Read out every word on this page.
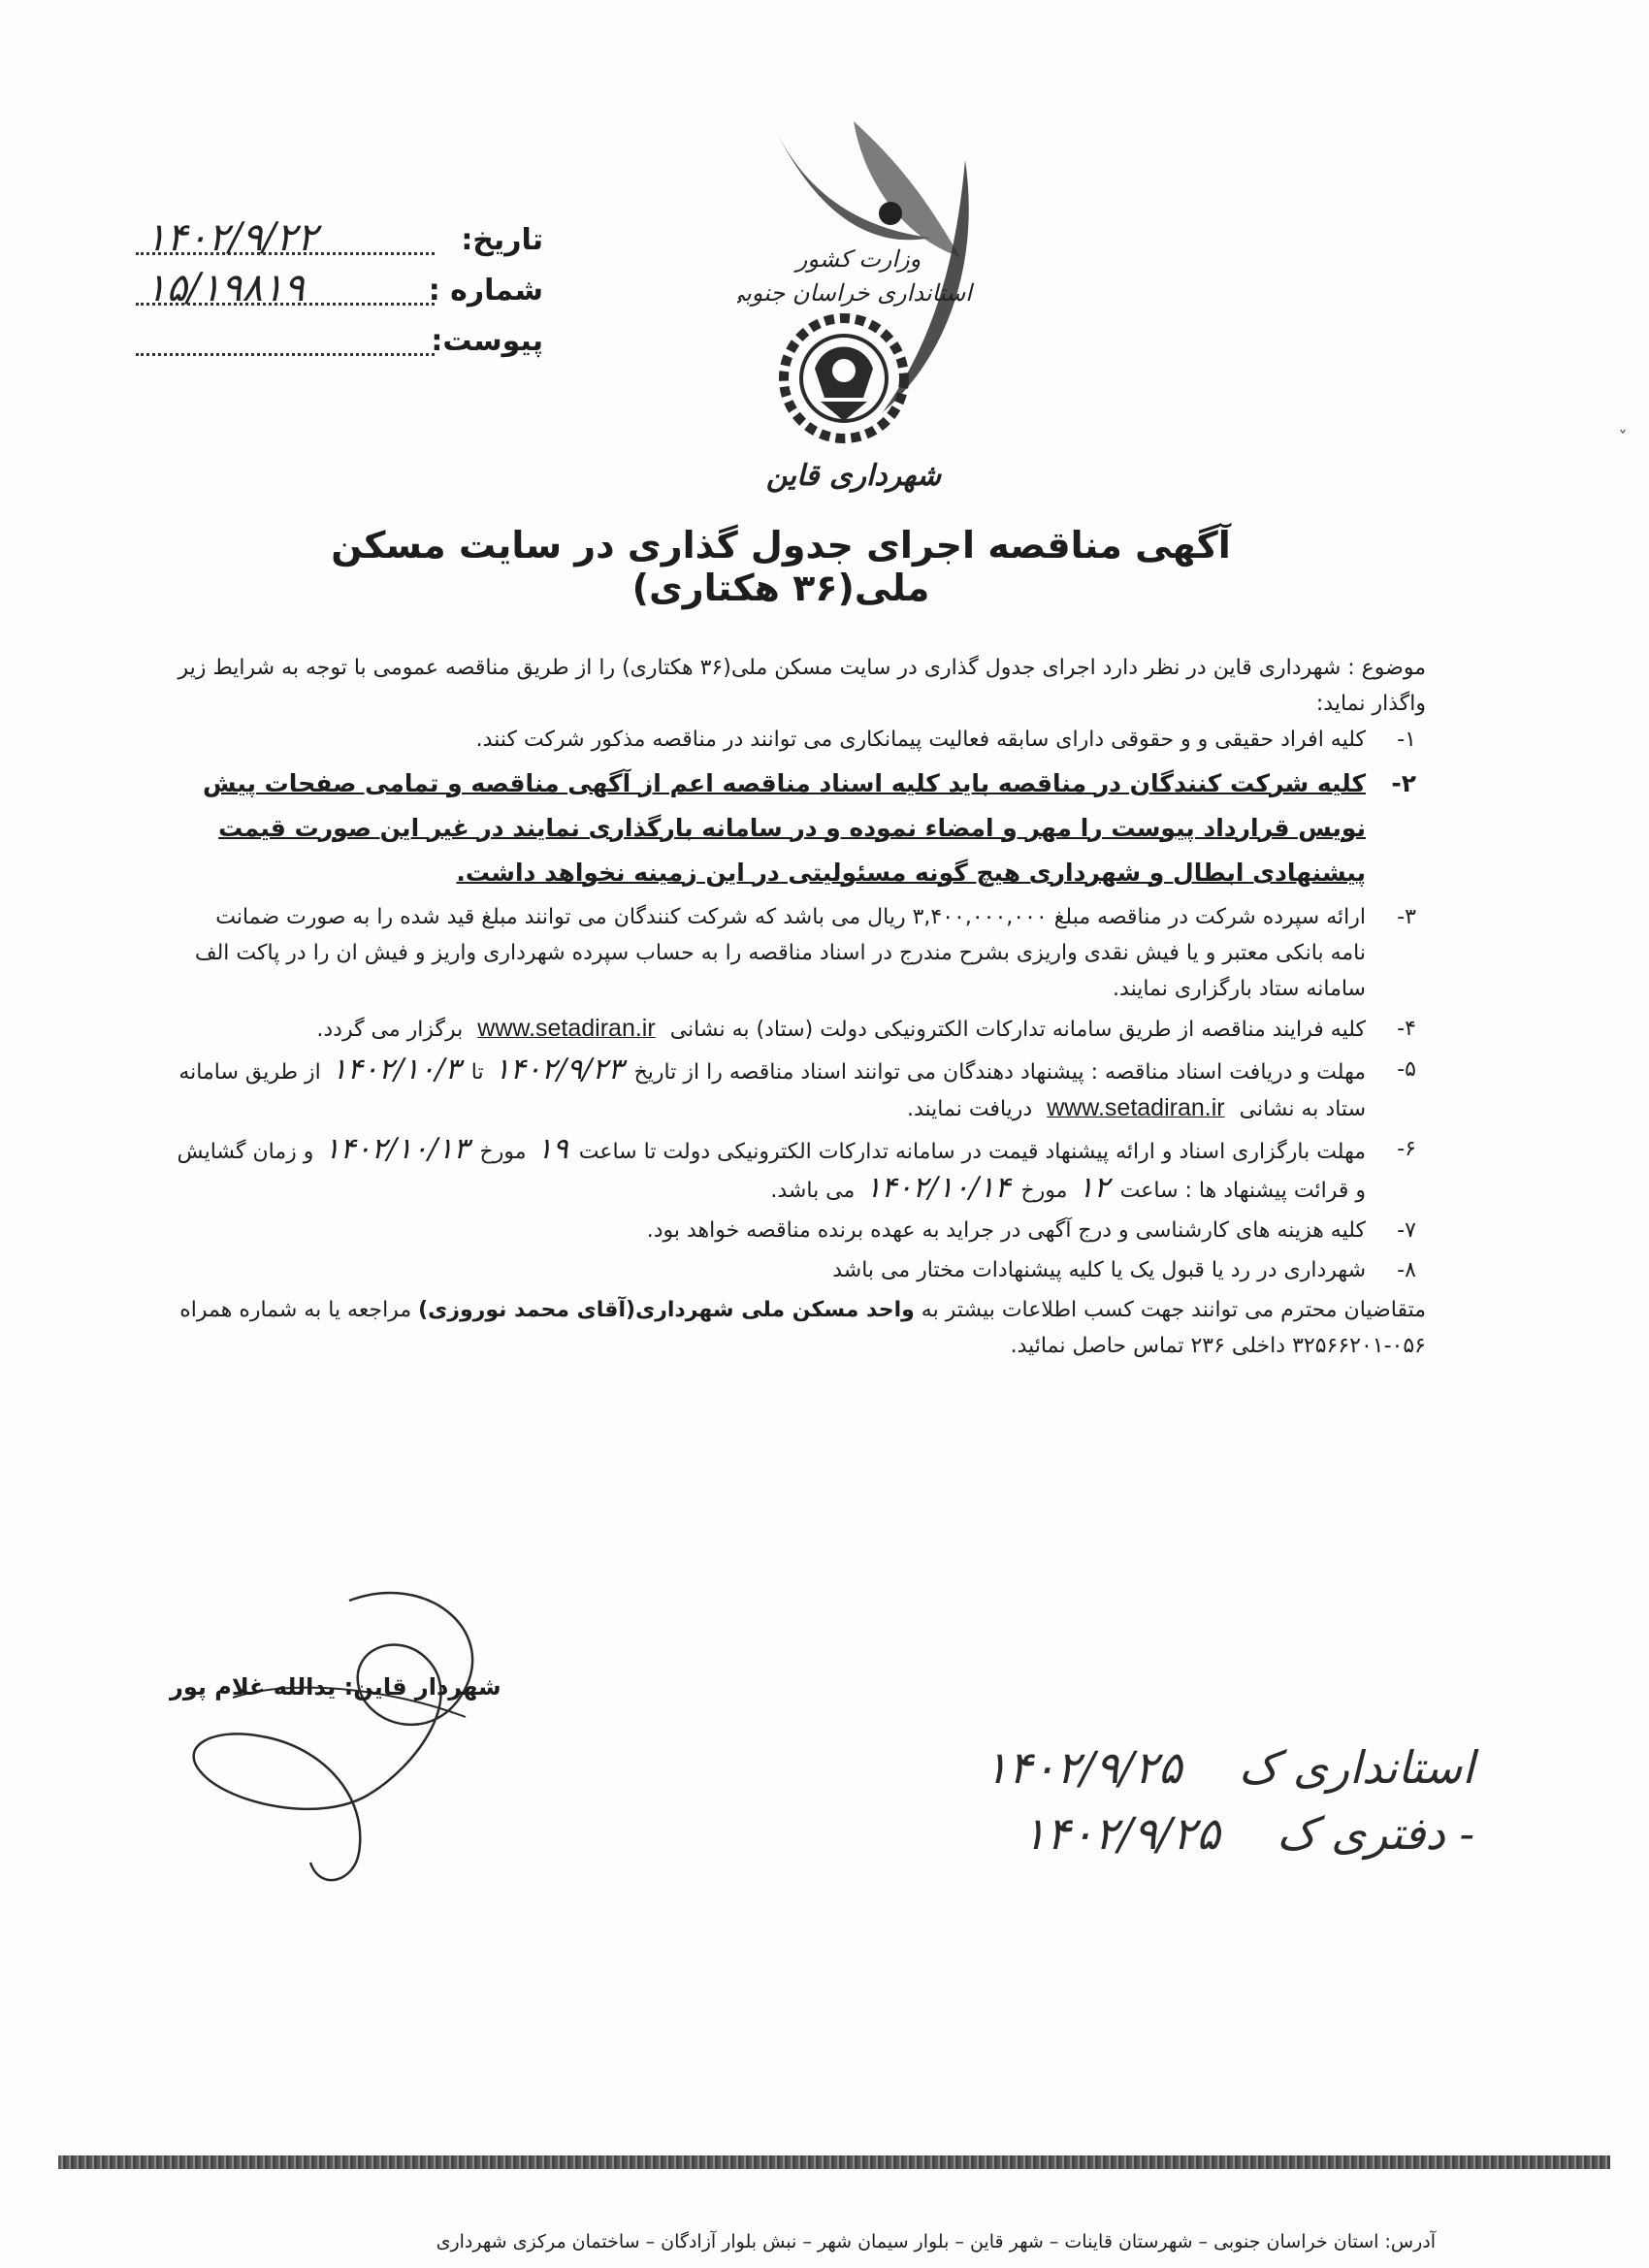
تاریخ:
۱۴۰۲/۹/۲۲
شماره :
۱۵/۱۹۸۱۹
پیوست:
وزارت کشور
استانداری خراسان جنوبی
شهرداری قاین
آگهی مناقصه اجرای جدول گذاری در سایت مسکن ملی(۳۶ هکتاری)

موضوع : شهرداری قاین در نظر دارد اجرای جدول گذاری در سایت مسکن ملی(۳۶ هکتاری) را از طریق مناقصه عمومی با توجه به شرایط زیر واگذار نماید:

۱-
کلیه افراد حقیقی و و حقوقی دارای سابقه فعالیت پیمانکاری می توانند در مناقصه مذکور شرکت کنند.
۲-
کلیه شرکت کنندگان در مناقصه باید کلیه اسناد مناقصه اعم از آگهی مناقصه و تمامی صفحات پیش نویس قرارداد پیوست را مهر و امضاء نموده و در سامانه بارگذاری نمایند در غیر این صورت قیمت پیشنهادی ابطال و شهرداری هیچ گونه مسئولیتی در این زمینه نخواهد داشت.
۳-
ارائه سپرده شرکت در مناقصه مبلغ ۳,۴۰۰,۰۰۰,۰۰۰ ریال می باشد که شرکت کنندگان می توانند مبلغ قید شده را به صورت ضمانت نامه بانکی معتبر و یا فیش نقدی واریزی بشرح مندرج در اسناد مناقصه را به حساب سپرده شهرداری واریز و فیش ان را در پاکت الف سامانه ستاد بارگزاری نمایند.
۴-
کلیه فرایند مناقصه از طریق سامانه تدارکات الکترونیکی دولت (ستاد) به نشانی www.setadiran.ir برگزار می گردد.
۵-
مهلت و دریافت اسناد مناقصه : پیشنهاد دهندگان می توانند اسناد مناقصه را از تاریخ ۱۴۰۲/۹/۲۳ تا ۱۴۰۲/۱۰/۳ از طریق سامانه ستاد به نشانی www.setadiran.ir دریافت نمایند.
۶-
مهلت بارگزاری اسناد و ارائه پیشنهاد قیمت در سامانه تدارکات الکترونیکی دولت تا ساعت ۱۹ مورخ ۱۴۰۲/۱۰/۱۳ و زمان گشایش و قرائت پیشنهاد ها : ساعت ۱۲ مورخ ۱۴۰۲/۱۰/۱۴ می باشد.
۷-
کلیه هزینه های کارشناسی و درج آگهی در جراید به عهده برنده مناقصه خواهد بود.
۸-
شهرداری در رد یا قبول یک یا کلیه پیشنهادات مختار می باشد

متقاضیان محترم می توانند جهت کسب اطلاعات بیشتر به واحد مسکن ملی شهرداری(آقای محمد نوروزی) مراجعه یا به شماره همراه ۰۵۶-۳۲۵۶۶۲۰۱ داخلی ۲۳۶ تماس حاصل نمائید.

شهردار قاین: یدالله غلام پور
استانداری ک    ۱۴۰۲/۹/۲۵
- دفتری ک    ۱۴۰۲/۹/۲۵
ˇ
آدرس: استان خراسان جنوبی – شهرستان قاینات – شهر قاین – بلوار سیمان شهر – نبش بلوار آزادگان – ساختمان مرکزی شهرداری
